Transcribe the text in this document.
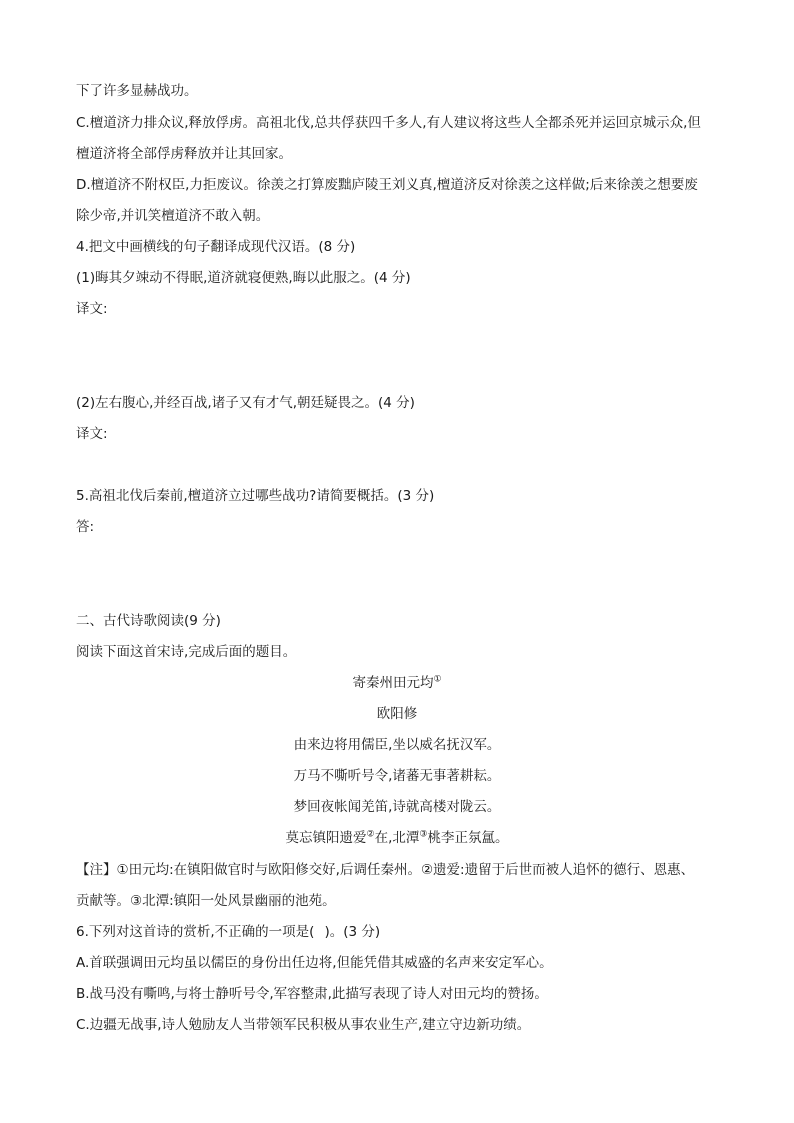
下了许多显赫战功。
C.檀道济力排众议,释放俘虏。高祖北伐,总共俘获四千多人,有人建议将这些人全都杀死并运回京城示众,但
檀道济将全部俘虏释放并让其回家。
D.檀道济不附权臣,力拒废议。徐羡之打算废黜庐陵王刘义真,檀道济反对徐羡之这样做;后来徐羡之想要废
除少帝,并讥笑檀道济不敢入朝。
4.把文中画横线的句子翻译成现代汉语。(8 分)
(1)晦其夕竦动不得眠,道济就寝便熟,晦以此服之。(4 分)
译文:
(2)左右腹心,并经百战,诸子又有才气,朝廷疑畏之。(4 分)
译文:
5.高祖北伐后秦前,檀道济立过哪些战功?请简要概括。(3 分)
答:
二、古代诗歌阅读(9 分)
阅读下面这首宋诗,完成后面的题目。
寄秦州田元均①
欧阳修
由来边将用儒臣,坐以威名抚汉军。
万马不嘶听号令,诸蕃无事著耕耘。
梦回夜帐闻羌笛,诗就高楼对陇云。
莫忘镇阳遗爱②在,北潭③桃李正氛氲。
【注】①田元均:在镇阳做官时与欧阳修交好,后调任秦州。②遗爱:遗留于后世而被人追怀的德行、恩惠、
贡献等。③北潭:镇阳一处风景幽丽的池苑。
6.下列对这首诗的赏析,不正确的一项是( )。(3 分)
A.首联强调田元均虽以儒臣的身份出任边将,但能凭借其威盛的名声来安定军心。
B.战马没有嘶鸣,与将士静听号令,军容整肃,此描写表现了诗人对田元均的赞扬。
C.边疆无战事,诗人勉励友人当带领军民积极从事农业生产,建立守边新功绩。
